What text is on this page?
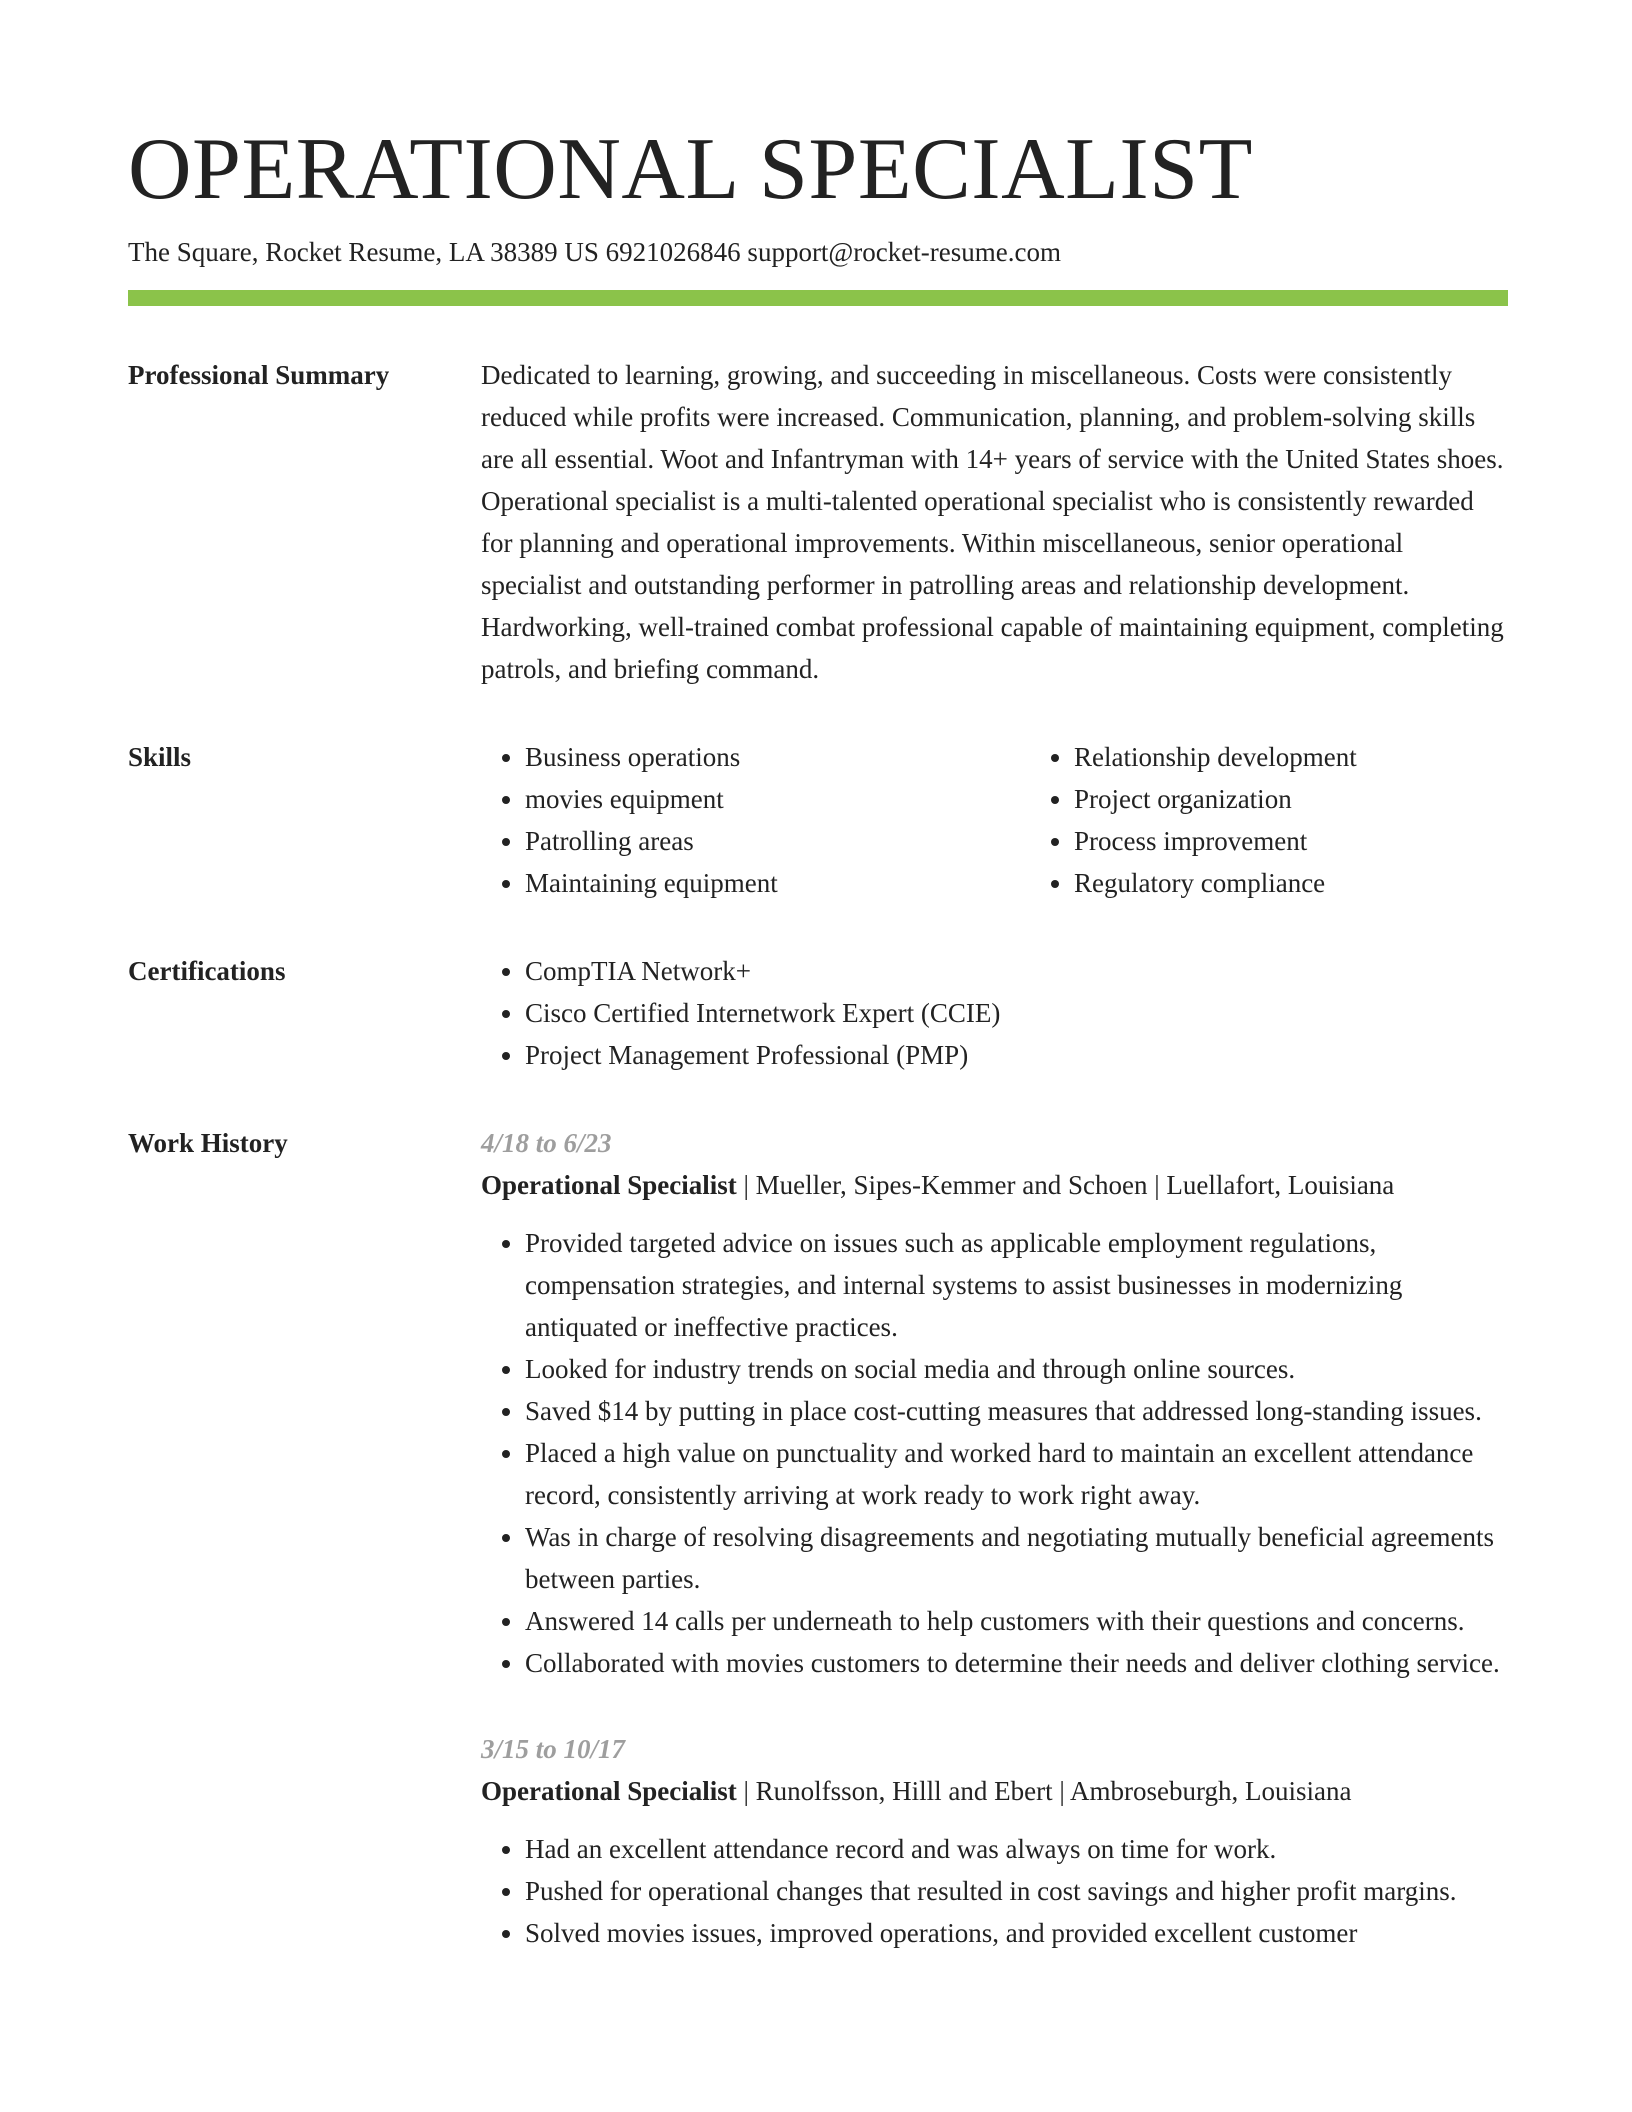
OPERATIONAL SPECIALIST
The Square, Rocket Resume, LA 38389 US 6921026846 support@rocket-resume.com
Professional Summary	Dedicated to learning, growing, and succeeding in miscellaneous. Costs were consistently reduced while profits were increased. Communication, planning, and problem-solving skills are all essential. Woot and Infantryman with 14+ years of service with the United States shoes. Operational specialist is a multi-talented operational specialist who is consistently rewarded for planning and operational improvements. Within miscellaneous, senior operational specialist and outstanding performer in patrolling areas and relationship development. Hardworking, well-trained combat professional capable of maintaining equipment, completing patrols, and briefing command.

Skills	• Business operations
• movies equipment
• Patrolling areas
• Maintaining equipment
• Relationship development
• Project organization
• Process improvement
• Regulatory compliance
Certifications	• CompTIA Network+
• Cisco Certified Internetwork Expert (CCIE)
• Project Management Professional (PMP)
Work History	4/18 to 6/23
Operational Specialist | Mueller, Sipes-Kemmer and Schoen | Luellafort, Louisiana
• Provided targeted advice on issues such as applicable employment regulations, compensation strategies, and internal systems to assist businesses in modernizing antiquated or ineffective practices.
• Looked for industry trends on social media and through online sources.
• Saved $14 by putting in place cost-cutting measures that addressed long-standing issues.
• Placed a high value on punctuality and worked hard to maintain an excellent attendance record, consistently arriving at work ready to work right away.
• Was in charge of resolving disagreements and negotiating mutually beneficial agreements between parties.
• Answered 14 calls per underneath to help customers with their questions and concerns.
• Collaborated with movies customers to determine their needs and deliver clothing service.
3/15 to 10/17
Operational Specialist | Runolfsson, Hilll and Ebert | Ambroseburgh, Louisiana
• Had an excellent attendance record and was always on time for work.
• Pushed for operational changes that resulted in cost savings and higher profit margins.
• Solved movies issues, improved operations, and provided excellent customer
